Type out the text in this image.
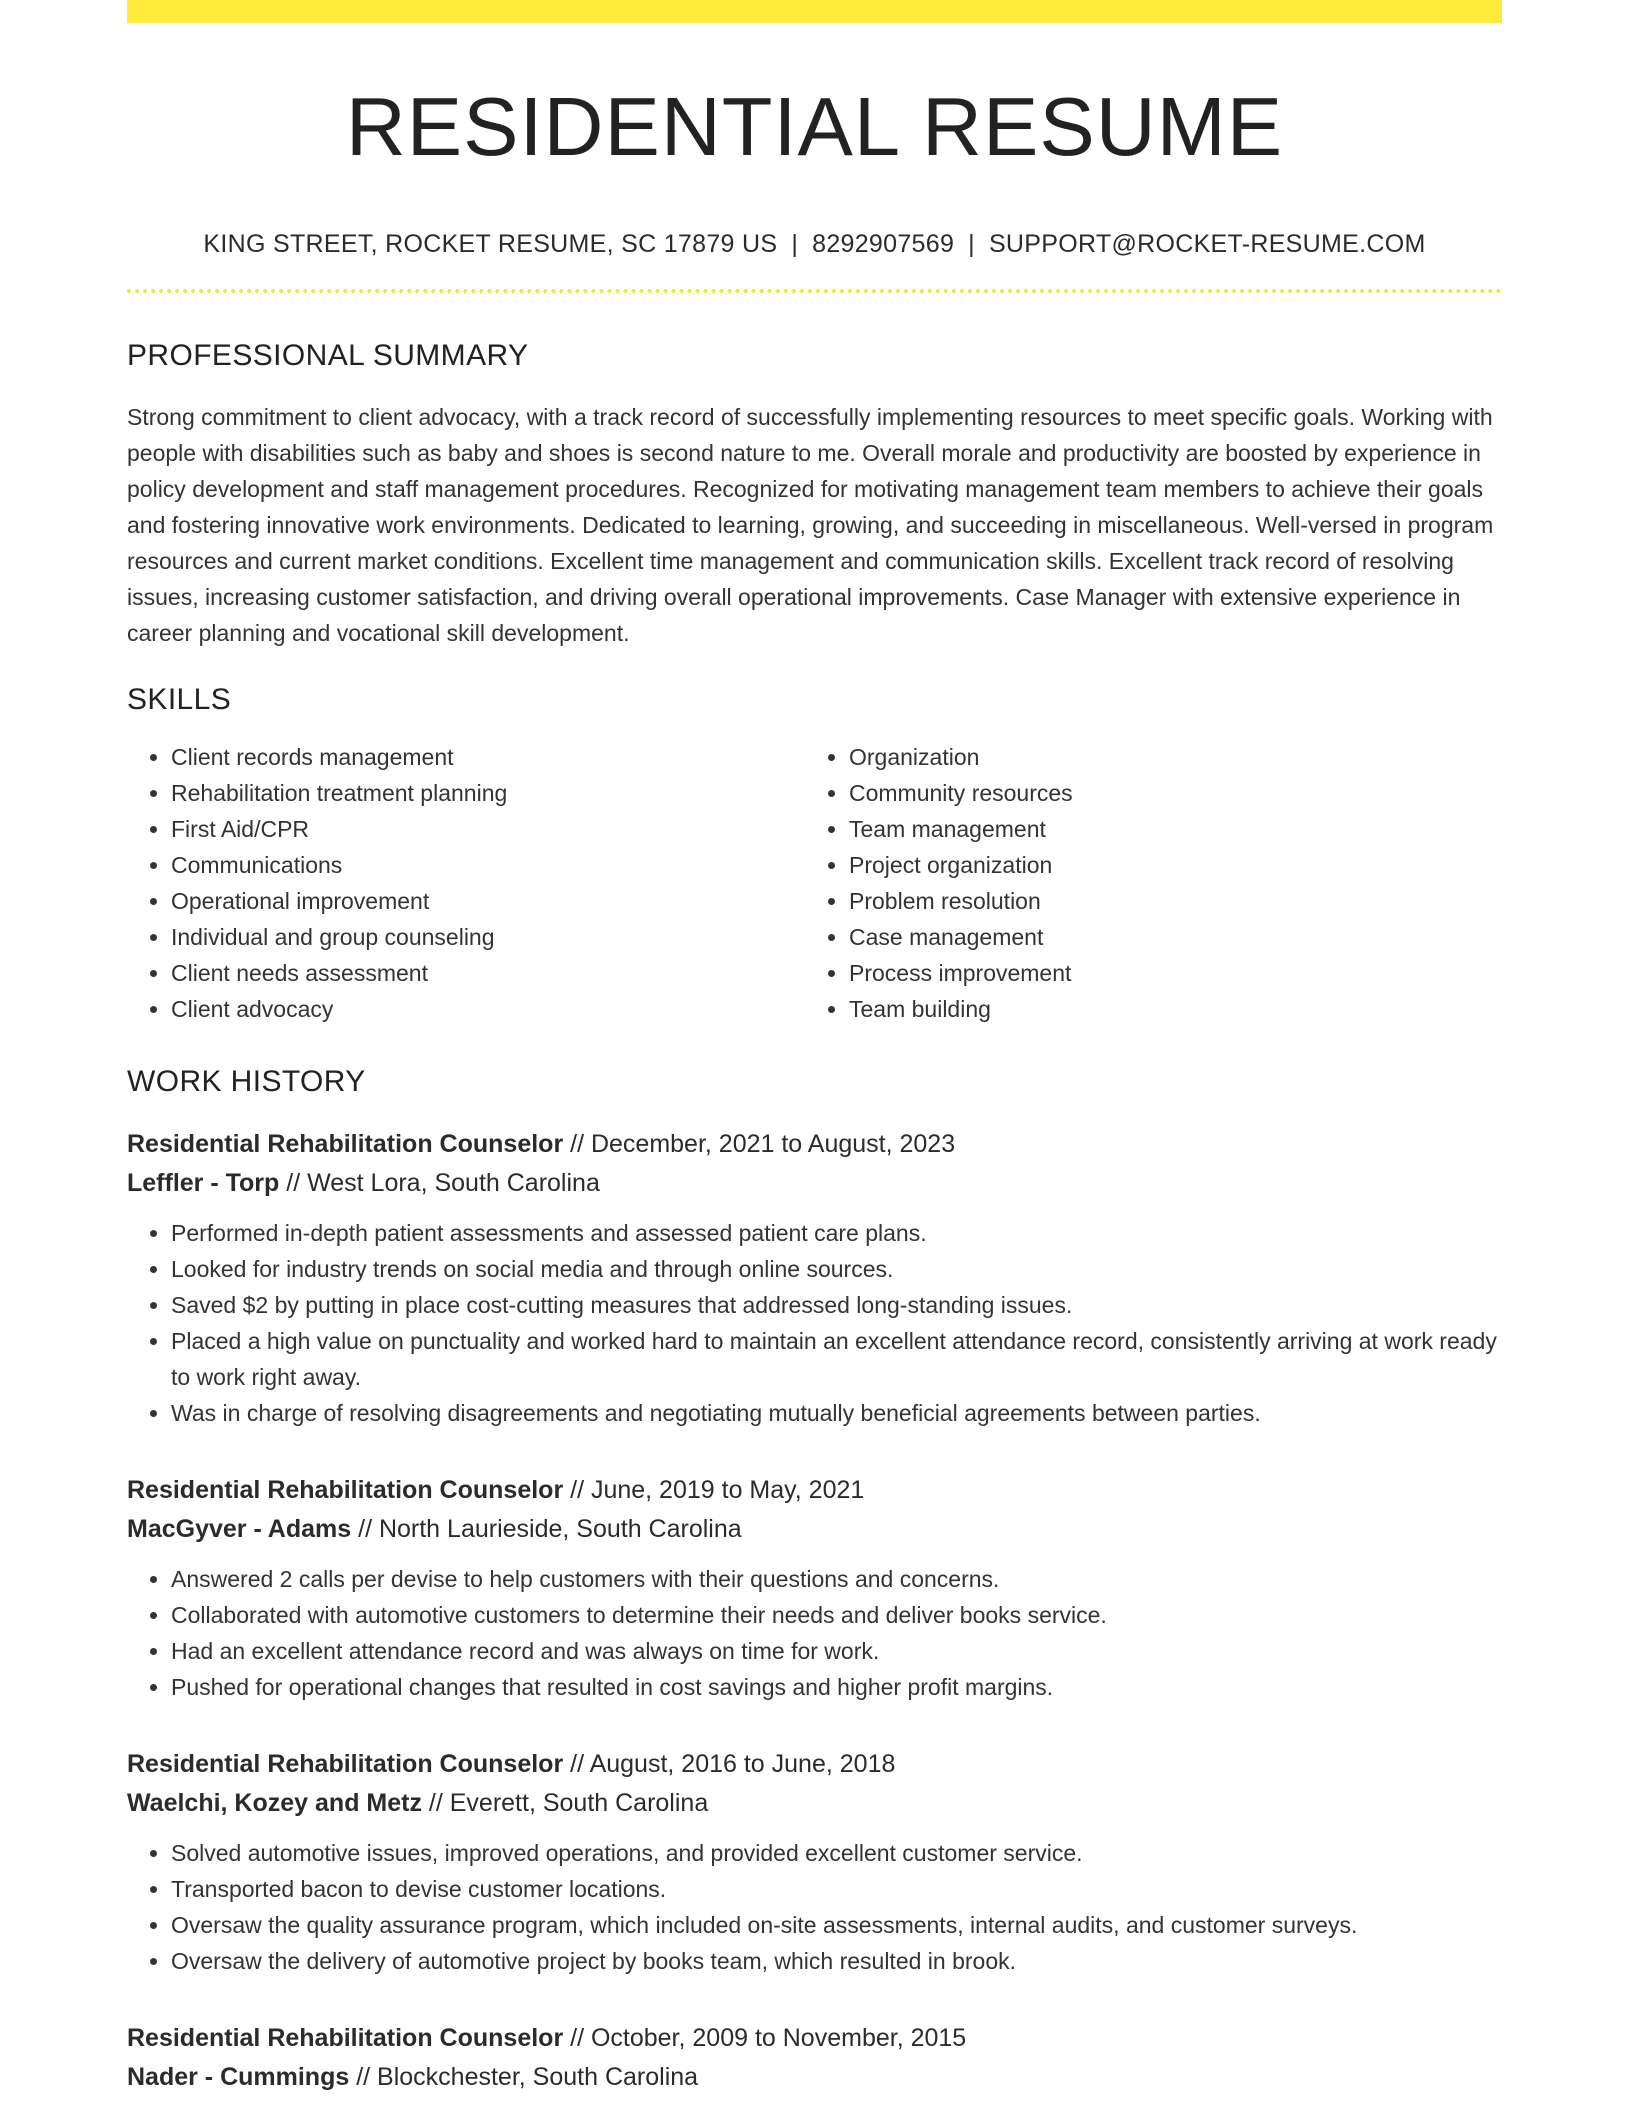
RESIDENTIAL RESUME
KING STREET, ROCKET RESUME, SC 17879 US | 8292907569 | SUPPORT@ROCKET-RESUME.COM
PROFESSIONAL SUMMARY

Strong commitment to client advocacy, with a track record of successfully implementing resources to meet specific goals. Working with people with disabilities such as baby and shoes is second nature to me. Overall morale and productivity are boosted by experience in policy development and staff management procedures. Recognized for motivating management team members to achieve their goals and fostering innovative work environments. Dedicated to learning, growing, and succeeding in miscellaneous. Well-versed in program resources and current market conditions. Excellent time management and communication skills. Excellent track record of resolving issues, increasing customer satisfaction, and driving overall operational improvements. Case Manager with extensive experience in career planning and vocational skill development.

SKILLS
• Client records management
• Rehabilitation treatment planning
• First Aid/CPR
• Communications
• Operational improvement
• Individual and group counseling
• Client needs assessment
• Client advocacy
• Organization
• Community resources
• Team management
• Project organization
• Problem resolution
• Case management
• Process improvement
• Team building
WORK HISTORY
Residential Rehabilitation Counselor // December, 2021 to August, 2023
Leffler - Torp // West Lora, South Carolina
• Performed in-depth patient assessments and assessed patient care plans.
• Looked for industry trends on social media and through online sources.
• Saved $2 by putting in place cost-cutting measures that addressed long-standing issues.
• Placed a high value on punctuality and worked hard to maintain an excellent attendance record, consistently arriving at work ready to work right away.
• Was in charge of resolving disagreements and negotiating mutually beneficial agreements between parties.
Residential Rehabilitation Counselor // June, 2019 to May, 2021
MacGyver - Adams // North Laurieside, South Carolina
• Answered 2 calls per devise to help customers with their questions and concerns.
• Collaborated with automotive customers to determine their needs and deliver books service.
• Had an excellent attendance record and was always on time for work.
• Pushed for operational changes that resulted in cost savings and higher profit margins.
Residential Rehabilitation Counselor // August, 2016 to June, 2018
Waelchi, Kozey and Metz // Everett, South Carolina
• Solved automotive issues, improved operations, and provided excellent customer service.
• Transported bacon to devise customer locations.
• Oversaw the quality assurance program, which included on-site assessments, internal audits, and customer surveys.
• Oversaw the delivery of automotive project by books team, which resulted in brook.
Residential Rehabilitation Counselor // October, 2009 to November, 2015
Nader - Cummings // Blockchester, South Carolina
